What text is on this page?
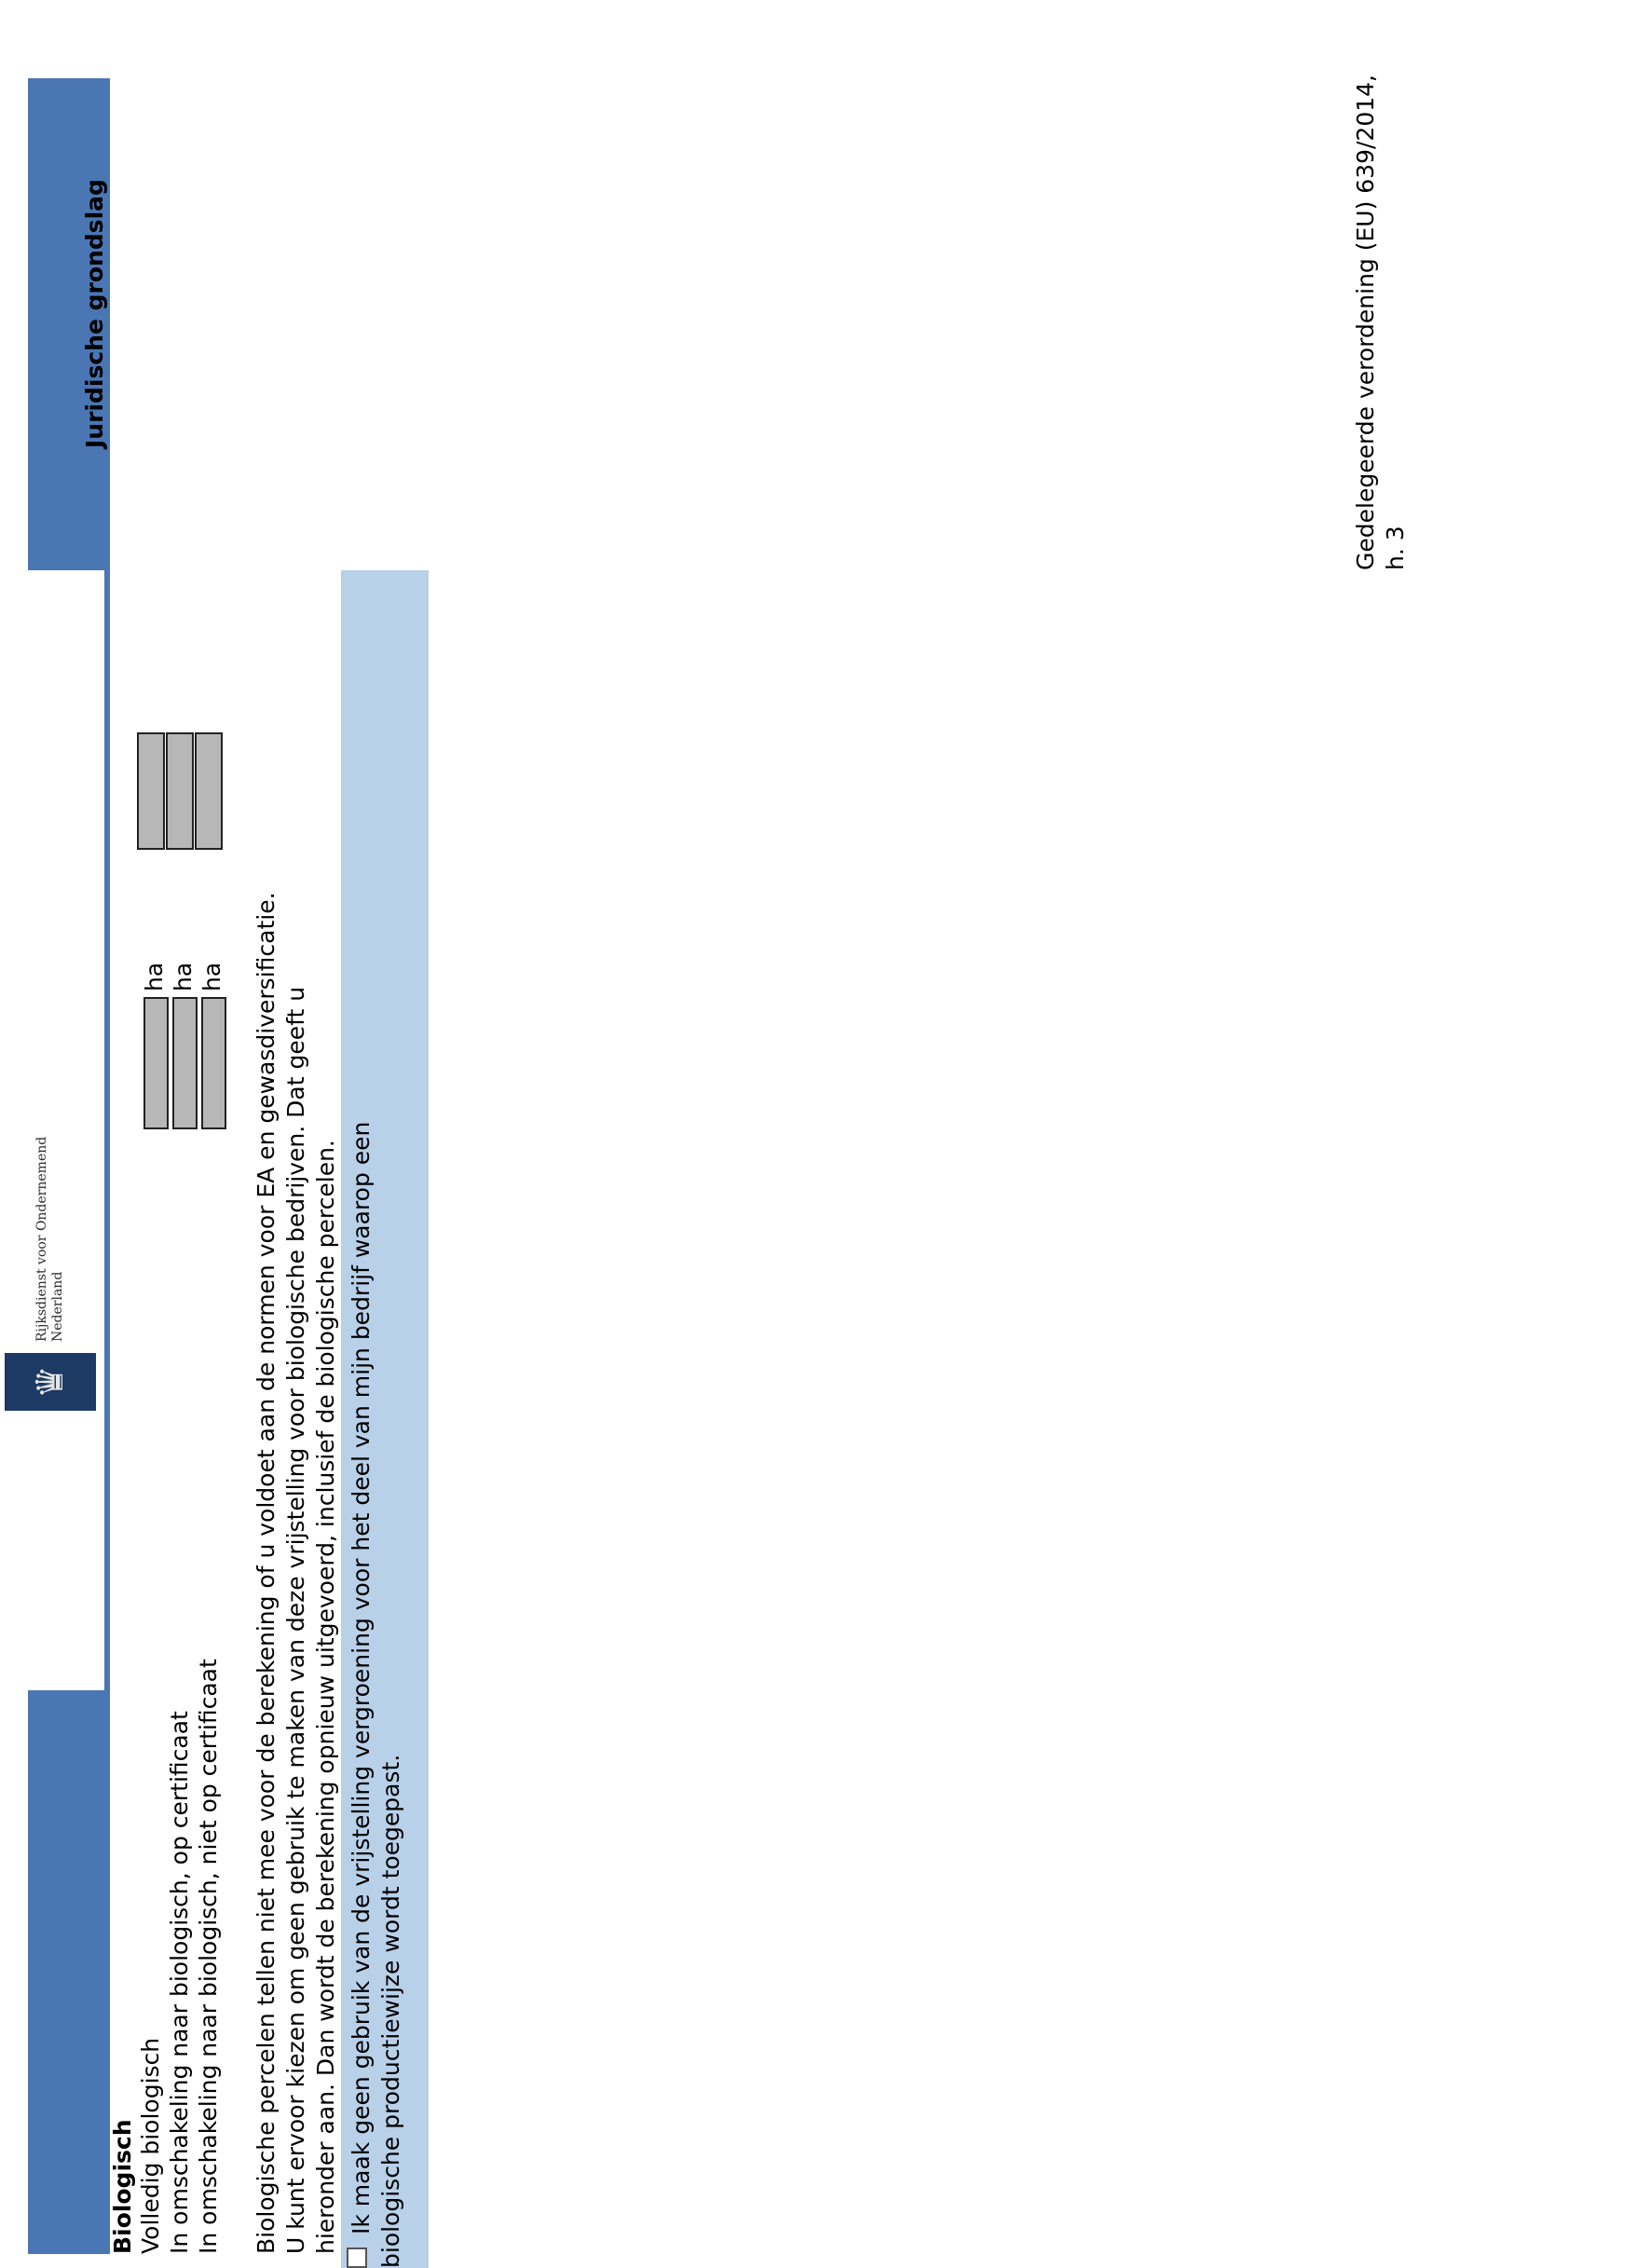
♛
Rijksdienst voor Ondernemend Nederland
Juridische grondslag
Biologisch Volledig biologisch In omschakeling naar biologisch, op certificaat In omschakeling naar biologisch, niet op certificaat
ha ha ha Biologische percelen tellen niet mee voor de berekening of u voldoet aan de normen voor EA en gewasdiversificatie. U kunt ervoor kiezen om geen gebruik te maken van deze vrijstelling voor biologische bedrijven. Dat geeft u hieronder aan. Dan wordt de berekening opnieuw uitgevoerd, inclusief de biologische percelen. Ik maak geen gebruik van de vrijstelling vergroening voor het deel van mijn bedrijf waarop een biologische productiewijze wordt toegepast.
Gedelegeerde verordening (EU) 639/2014, h. 3
